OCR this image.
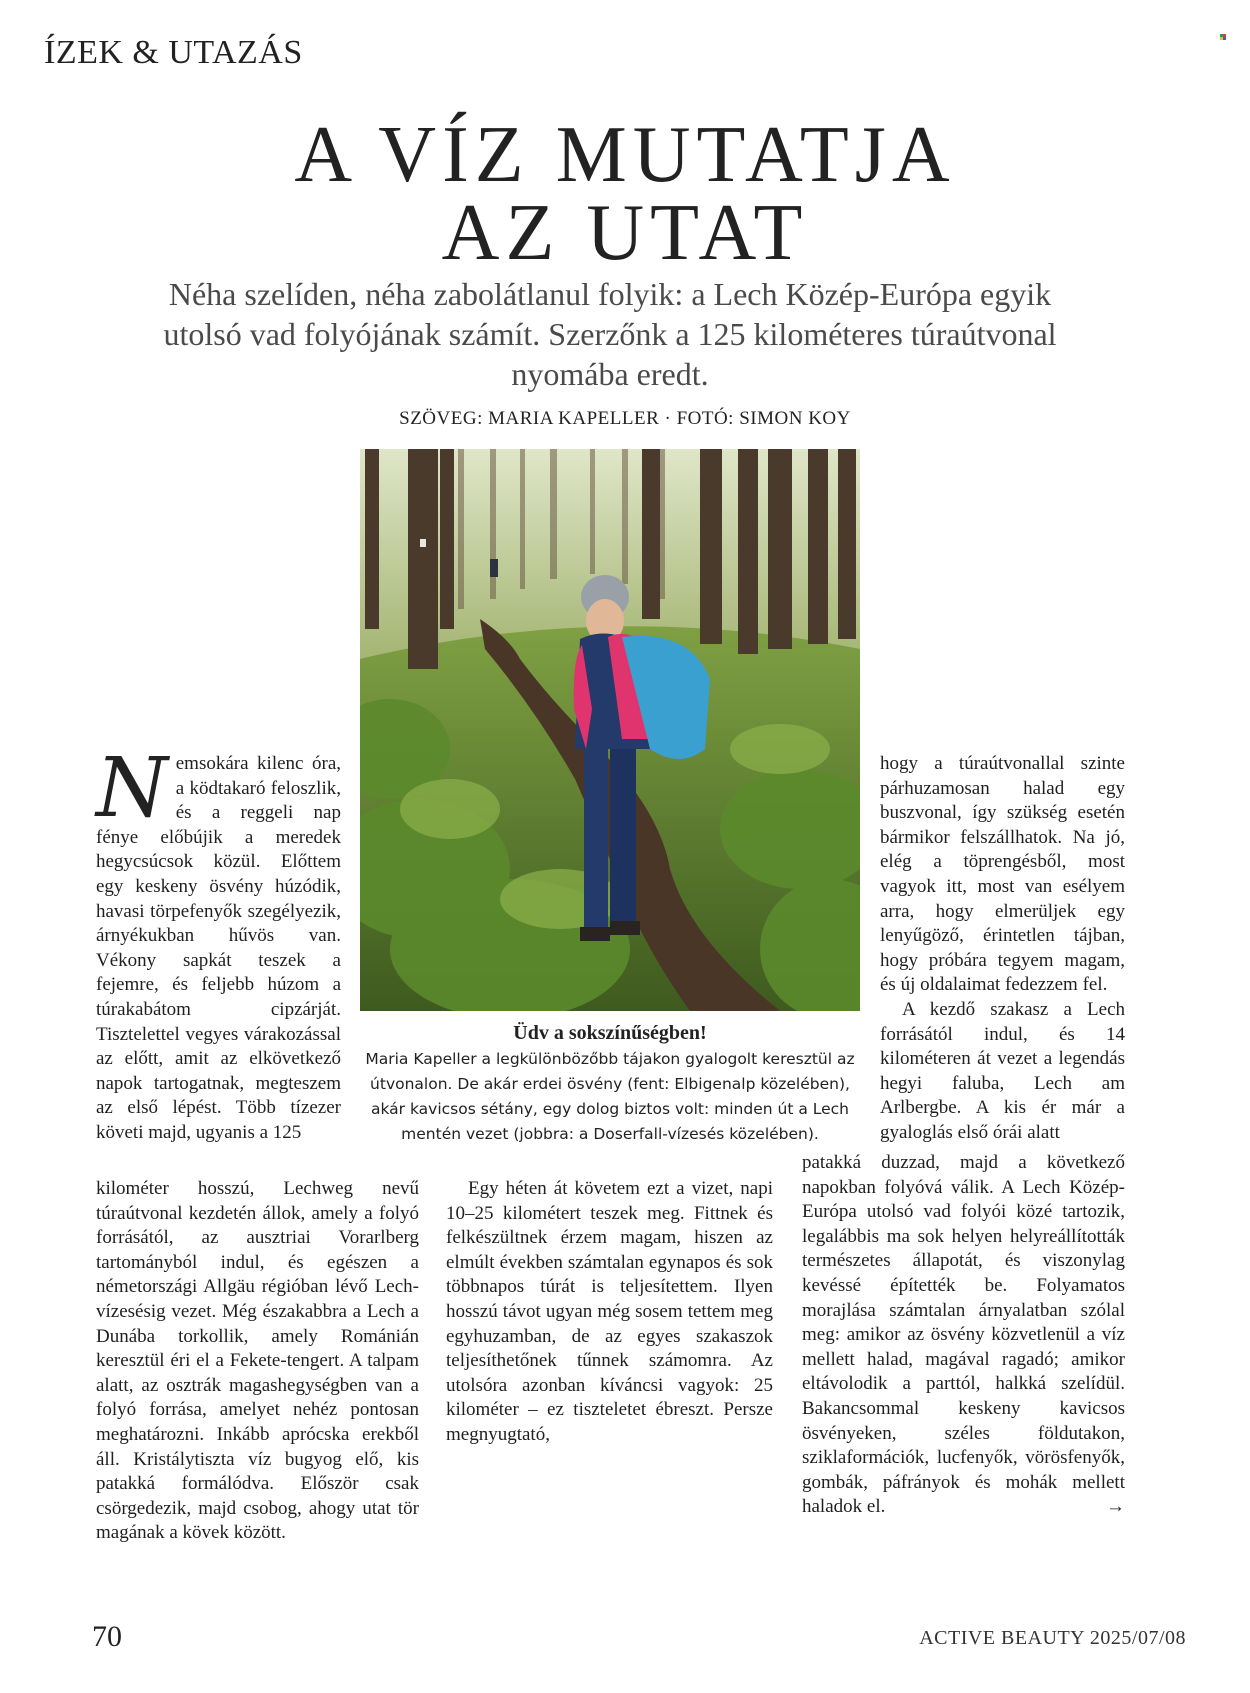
ÍZEK & UTAZÁS
A VÍZ MUTATJA
AZ UTAT
Néha szelíden, néha zabolátlanul folyik: a Lech Közép-Európa egyik utolsó vad folyójának számít. Szerzőnk a 125 kilométeres túraútvonal nyomába eredt.
SZÖVEG: MARIA KAPELLER · FOTÓ: SIMON KOY
Üdv a sokszínűségben!
Maria Kapeller a legkülönbözőbb tájakon gyalogolt keresztül az útvonalon. De akár erdei ösvény (fent: Elbigenalp közelében), akár kavicsos sétány, egy dolog biztos volt: minden út a Lech mentén vezet (jobbra: a Doserfall-vízesés közelében).
N emsokára kilenc óra, a ködtakaró feloszlik, és a reggeli nap fénye előbújik a meredek hegycsúcsok közül. Előttem egy keskeny ösvény húzódik, havasi törpefenyők szegélyezik, árnyékukban hűvös van. Vékony sapkát teszek a fejemre, és feljebb húzom a túrakabátom cipzárját. Tisztelettel vegyes várakozással az előtt, amit az elkövetkező napok tartogatnak, megteszem az első lépést. Több tízezer követi majd, ugyanis a 125

kilométer hosszú, Lechweg nevű túraútvonal kezdetén állok, amely a folyó forrásától, az ausztriai Vorarlberg tartományból indul, és egészen a németországi Allgäu régióban lévő Lech-vízesésig vezet. Még északabbra a Lech a Dunába torkollik, amely Románián keresztül éri el a Fekete-tengert. A talpam alatt, az osztrák magashegységben van a folyó forrása, amelyet nehéz pontosan meghatározni. Inkább aprócska erekből áll. Kristálytiszta víz bugyog elő, kis patakká formálódva. Először csak csörgedezik, majd csobog, ahogy utat tör magának a kövek között.

Egy héten át követem ezt a vizet, napi 10–25 kilométert teszek meg. Fittnek és felkészültnek érzem magam, hiszen az elmúlt években számtalan egynapos és sok többnapos túrát is teljesítettem. Ilyen hosszú távot ugyan még sosem tettem meg egyhuzamban, de az egyes szakaszok teljesíthetőnek tűnnek számomra. Az utolsóra azonban kíváncsi vagyok: 25 kilométer – ez tiszteletet ébreszt. Persze megnyugtató,

hogy a túraútvonallal szinte párhuzamosan halad egy buszvonal, így szükség esetén bármikor felszállhatok. Na jó, elég a töprengésből, most vagyok itt, most van esélyem arra, hogy elmerüljek egy lenyűgöző, érintetlen tájban, hogy próbára tegyem magam, és új oldalaimat fedezzem fel.

A kezdő szakasz a Lech forrásától indul, és 14 kilométeren át vezet a legendás hegyi faluba, Lech am Arlbergbe. A kis ér már a gyaloglás első órái alatt

patakká duzzad, majd a következő napokban folyóvá válik. A Lech Közép-Európa utolsó vad folyói közé tartozik, legalábbis ma sok helyen helyreállították természetes állapotát, és viszonylag kevéssé építették be. Folyamatos morajlása számtalan árnyalatban szólal meg: amikor az ösvény közvetlenül a víz mellett halad, magával ragadó; amikor eltávolodik a parttól, halkká szelídül. Bakancsommal keskeny kavicsos ösvényeken, széles földutakon, sziklaformációk, lucfenyők, vörösfenyők, gombák, páfrányok és mohák mellett haladok el.	→

70	ACTIVE BEAUTY 2025/07/08
